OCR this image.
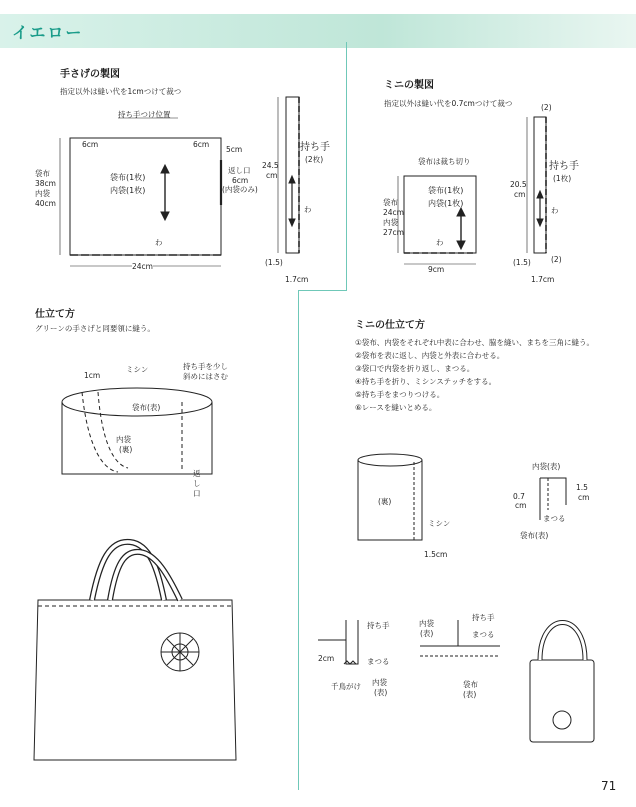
イエロー
手さげの製図
指定以外は縫い代を1cmつけて裁つ
持ち手つけ位置
6cm	6cm
5cm
袋布
38cm
内袋
40cm
袋布(1枚)
内袋(1枚)
返し口
6cm
(内袋のみ)
わ
24cm
24.5
cm
持ち手
(2枚)
わ
(1.5)
1.7cm
ミニの製図
指定以外は縫い代を0.7cmつけて裁つ
袋布は裁ち切り
袋布
24cm
内袋
27cm
袋布(1枚)
内袋(1枚)
わ
9cm
(2)
20.5
cm
持ち手
(1枚)
わ
(1.5)	(2)
1.7cm
仕立て方
グリーンの手さげと同要領に縫う。
1cm
ミシン	持ち手を少し
斜めにはさむ
袋布(表)
内袋
(裏)
返
し
口
ミニの仕立て方
①袋布、内袋をそれぞれ中表に合わせ、脇を縫い、まちを三角に縫う。
②袋布を表に返し、内袋と外表に合わせる。
③袋口で内袋を折り返し、まつる。
④持ち手を折り、ミシンステッチをする。
⑤持ち手をまつりつける。
⑥レースを縫いとめる。
(裏)
ミシン
1.5cm
内袋(表)
0.7
cm
1.5
cm
まつる
袋布(表)
持ち手
2cm	まつる
千鳥がけ 内袋
(表)
内袋
(表)
持ち手
まつる
袋布
(表)
71
